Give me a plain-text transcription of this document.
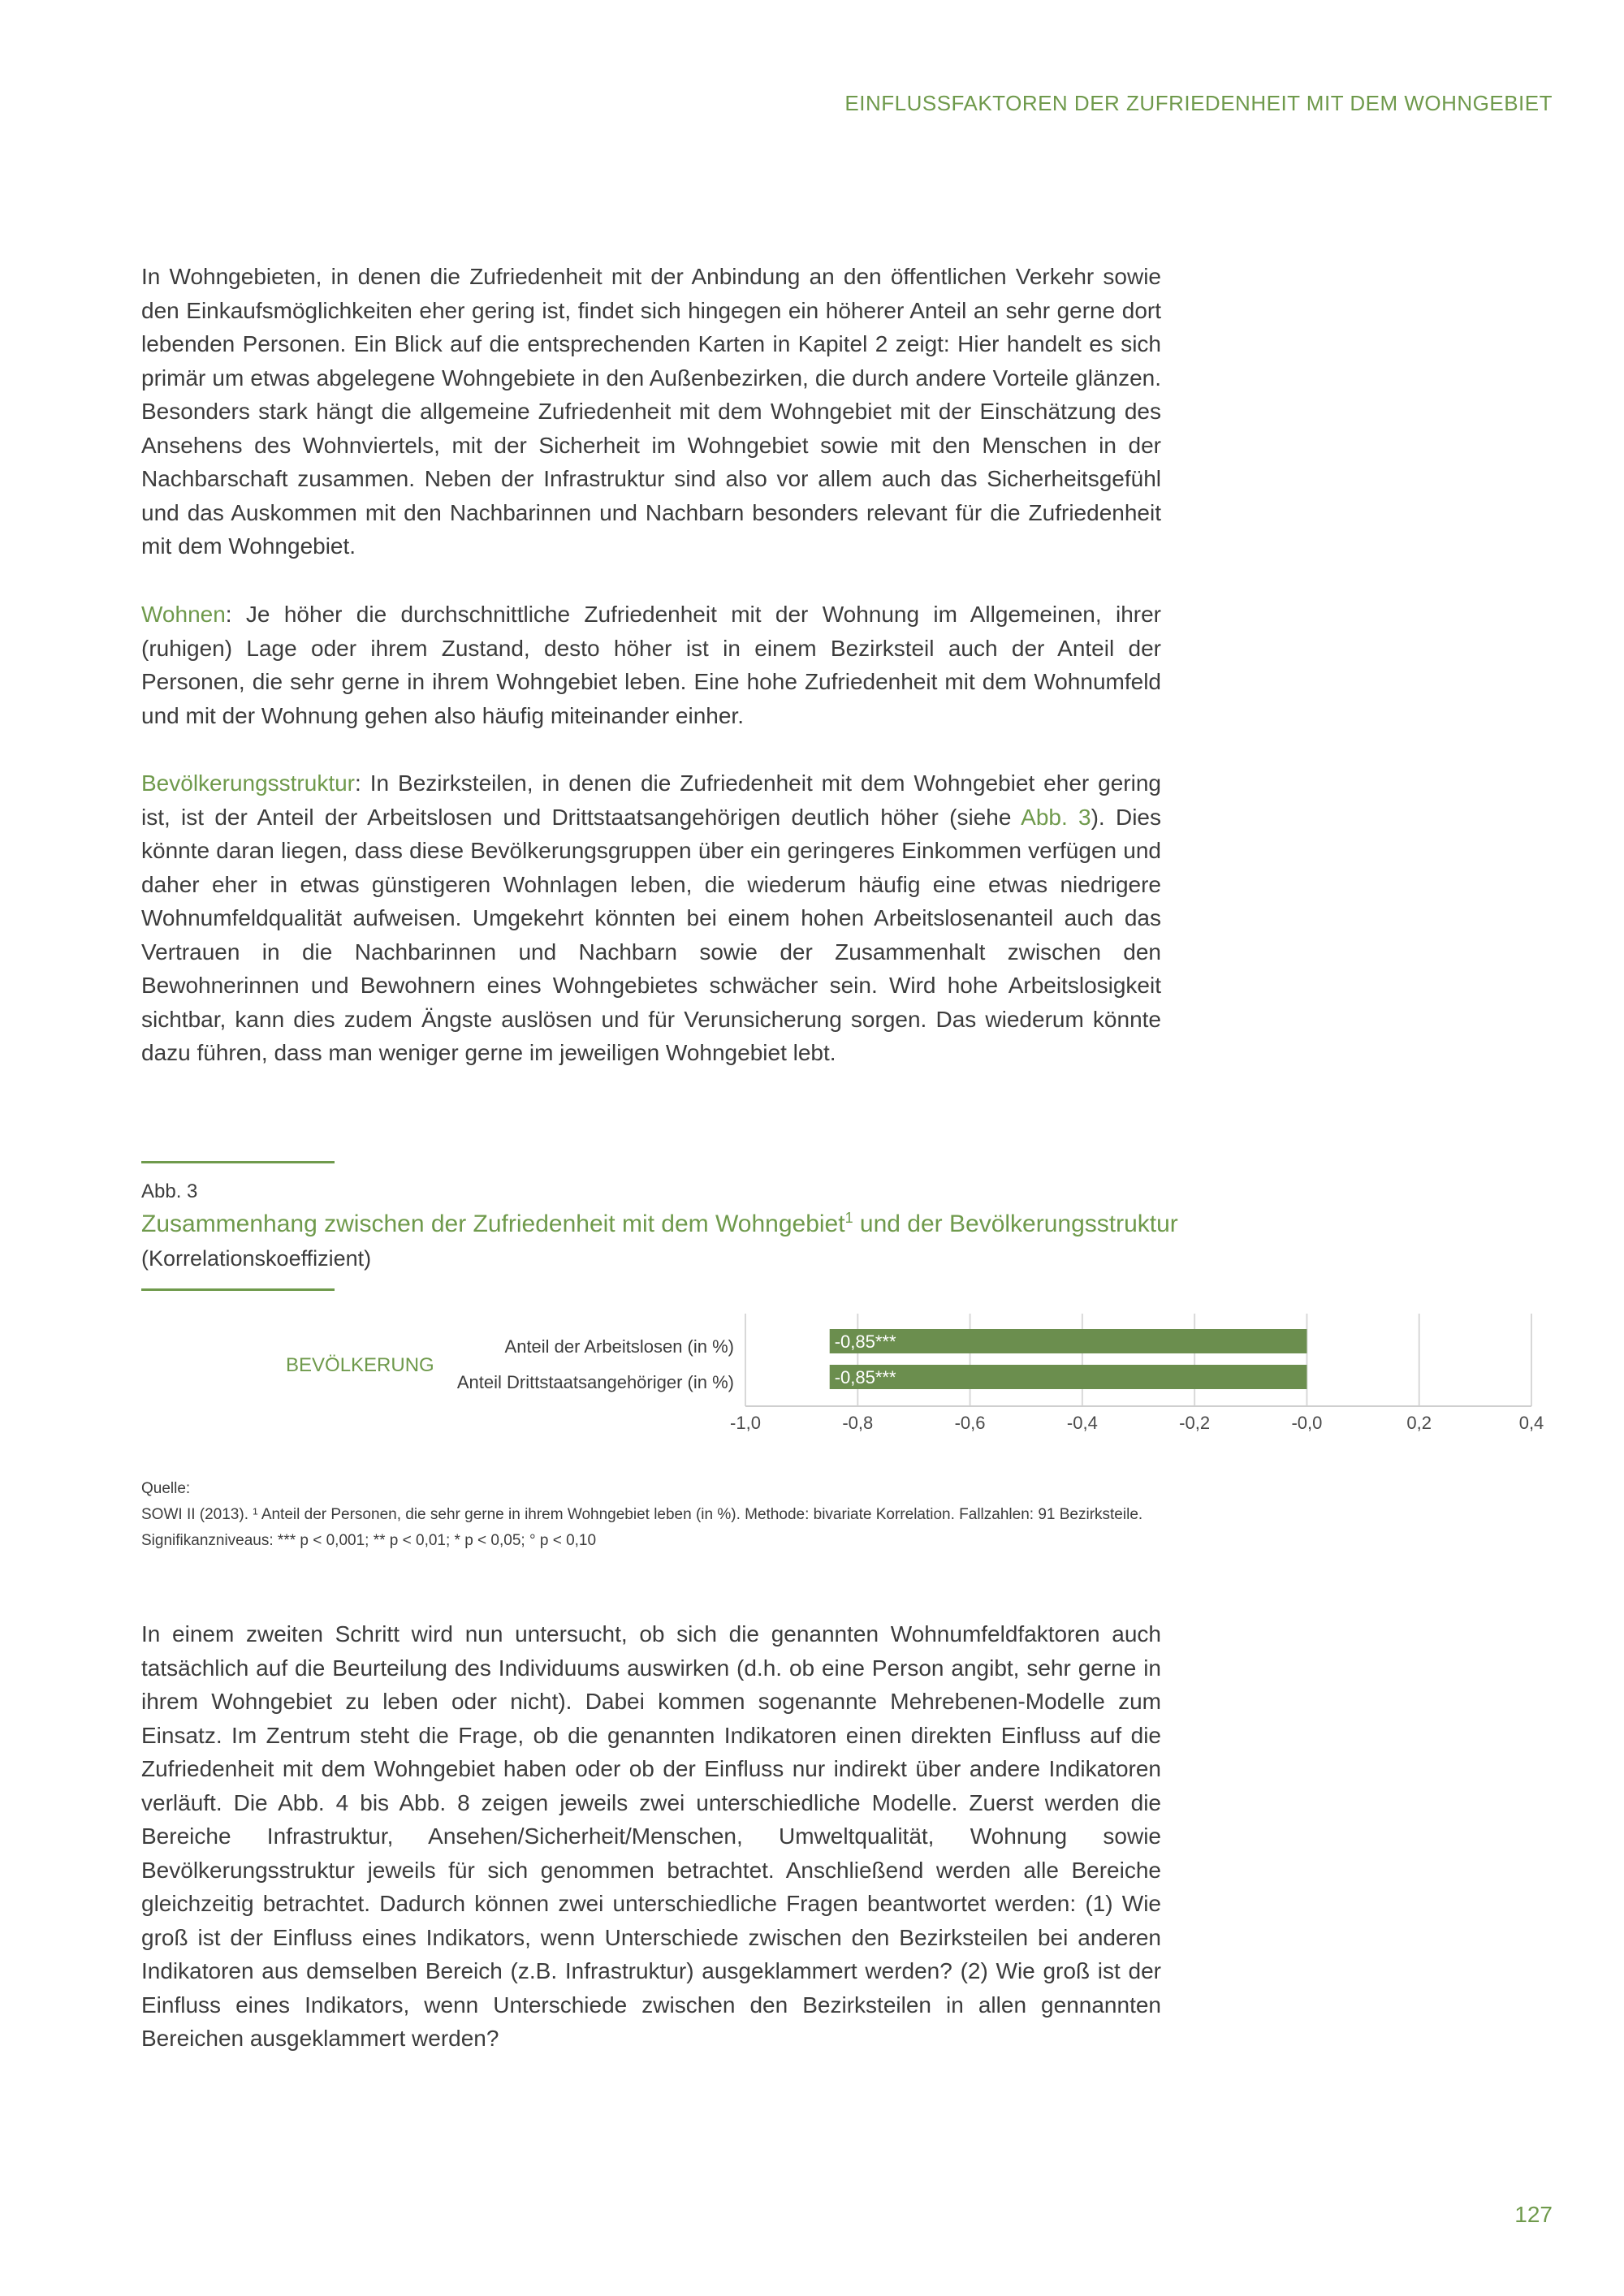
EINFLUSSFAKTOREN DER ZUFRIEDENHEIT MIT DEM WOHNGEBIET

In Wohngebieten, in denen die Zufriedenheit mit der Anbindung an den öffentlichen Verkehr sowie den Einkaufsmöglichkeiten eher gering ist, findet sich hingegen ein höherer Anteil an sehr gerne dort lebenden Personen. Ein Blick auf die entsprechenden Karten in Kapitel 2 zeigt: Hier handelt es sich primär um etwas abgelegene Wohngebiete in den Außenbezirken, die durch andere Vorteile glänzen. Besonders stark hängt die allgemeine Zufriedenheit mit dem Wohngebiet mit der Einschätzung des Ansehens des Wohnviertels, mit der Sicherheit im Wohngebiet sowie mit den Menschen in der Nachbarschaft zusammen. Neben der Infrastruktur sind also vor allem auch das Sicherheitsgefühl und das Auskommen mit den Nachbarinnen und Nachbarn besonders relevant für die Zufriedenheit mit dem Wohngebiet.

Wohnen: Je höher die durchschnittliche Zufriedenheit mit der Wohnung im Allgemeinen, ihrer (ruhigen) Lage oder ihrem Zustand, desto höher ist in einem Bezirksteil auch der Anteil der Personen, die sehr gerne in ihrem Wohngebiet leben. Eine hohe Zufriedenheit mit dem Wohnumfeld und mit der Wohnung gehen also häufig miteinander einher.

Bevölkerungsstruktur: In Bezirksteilen, in denen die Zufriedenheit mit dem Wohngebiet eher gering ist, ist der Anteil der Arbeitslosen und Drittstaatsangehörigen deutlich höher (siehe Abb. 3). Dies könnte daran liegen, dass diese Bevölkerungsgruppen über ein geringeres Einkommen verfügen und daher eher in etwas günstigeren Wohnlagen leben, die wiederum häufig eine etwas niedrigere Wohnumfeldqualität aufweisen. Umgekehrt könnten bei einem hohen Arbeitslosenanteil auch das Vertrauen in die Nachbarinnen und Nachbarn sowie der Zusammenhalt zwischen den Bewohnerinnen und Bewohnern eines Wohngebietes schwächer sein. Wird hohe Arbeitslosigkeit sichtbar, kann dies zudem Ängste auslösen und für Verunsicherung sorgen. Das wiederum könnte dazu führen, dass man weniger gerne im jeweiligen Wohngebiet lebt.

Abb. 3
Zusammenhang zwischen der Zufriedenheit mit dem Wohngebiet$^1$ und der Bevölkerungsstruktur
(Korrelationskoeffizient)
BEVÖLKERUNG
Anteil der Arbeitslosen (in %)
Anteil Drittstaatsangehöriger (in %)
-0,85***
-0,85***
-1,0	-0,8	-0,6	-0,4	-0,2	-0,0	0,2	0,4
Quelle:
SOWI II (2013). ¹ Anteil der Personen, die sehr gerne in ihrem Wohngebiet leben (in %). Methode: bivariate Korrelation. Fallzahlen: 91 Bezirksteile.
Signifikanzniveaus: *** p < 0,001; ** p < 0,01; * p < 0,05; ° p < 0,10

In einem zweiten Schritt wird nun untersucht, ob sich die genannten Wohnumfeldfaktoren auch tatsächlich auf die Beurteilung des Individuums auswirken (d.h. ob eine Person angibt, sehr gerne in ihrem Wohngebiet zu leben oder nicht). Dabei kommen sogenannte Mehrebenen-Modelle zum Einsatz. Im Zentrum steht die Frage, ob die genannten Indikatoren einen direkten Einfluss auf die Zufriedenheit mit dem Wohngebiet haben oder ob der Einfluss nur indirekt über andere Indikatoren verläuft. Die Abb. 4 bis Abb. 8 zeigen jeweils zwei unterschiedliche Modelle. Zuerst werden die Bereiche Infrastruktur, Ansehen/Sicherheit/Menschen, Umweltqualität, Wohnung sowie Bevölkerungsstruktur jeweils für sich genommen betrachtet. Anschließend werden alle Bereiche gleichzeitig betrachtet. Dadurch können zwei unterschiedliche Fragen beantwortet werden: (1) Wie groß ist der Einfluss eines Indikators, wenn Unterschiede zwischen den Bezirksteilen bei anderen Indikatoren aus demselben Bereich (z.B. Infrastruktur) ausgeklammert werden? (2) Wie groß ist der Einfluss eines Indikators, wenn Unterschiede zwischen den Bezirksteilen in allen gennannten Bereichen ausgeklammert werden?

127
